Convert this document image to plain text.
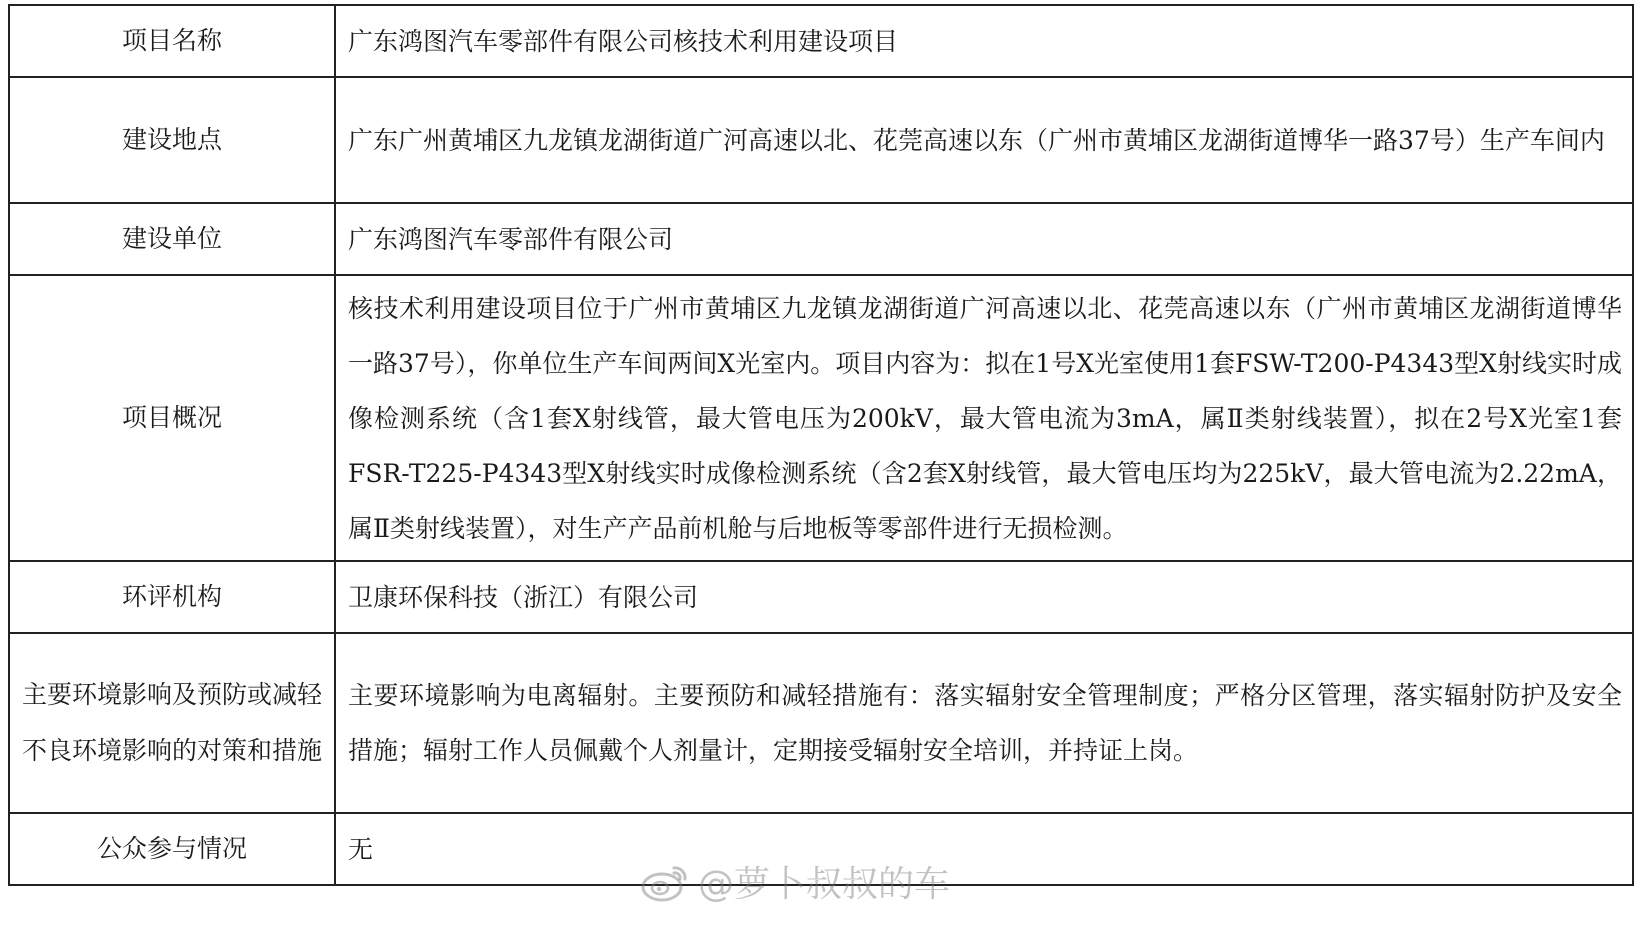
项目名称	广东鸿图汽车零部件有限公司核技术利用建设项目
建设地点	广东广州黄埔区九龙镇龙湖街道广河高速以北、花莞高速以东（广州市黄埔区龙湖街道博华一路37号）生产车间内
建设单位	广东鸿图汽车零部件有限公司
项目概况	核技术利用建设项目位于广州市黄埔区九龙镇龙湖街道广河高速以北、花莞高速以东（广州市黄埔区龙湖街道博华一路37号），你单位生产车间两间X光室内。项目内容为：拟在1号X光室使用1套FSW-T200-P4343型X射线实时成像检测系统（含1套X射线管，最大管电压为200kV，最大管电流为3mA，属Ⅱ类射线装置），拟在2号X光室1套FSR-T225-P4343型X射线实时成像检测系统（含2套X射线管，最大管电压均为225kV，最大管电流为2.22mA，属Ⅱ类射线装置），对生产产品前机舱与后地板等零部件进行无损检测。
环评机构	卫康环保科技（浙江）有限公司
主要环境影响及预防或减轻不良环境影响的对策和措施	主要环境影响为电离辐射。主要预防和减轻措施有：落实辐射安全管理制度；严格分区管理，落实辐射防护及安全措施；辐射工作人员佩戴个人剂量计，定期接受辐射安全培训，并持证上岗。
公众参与情况	无
@萝卜叔叔的车
